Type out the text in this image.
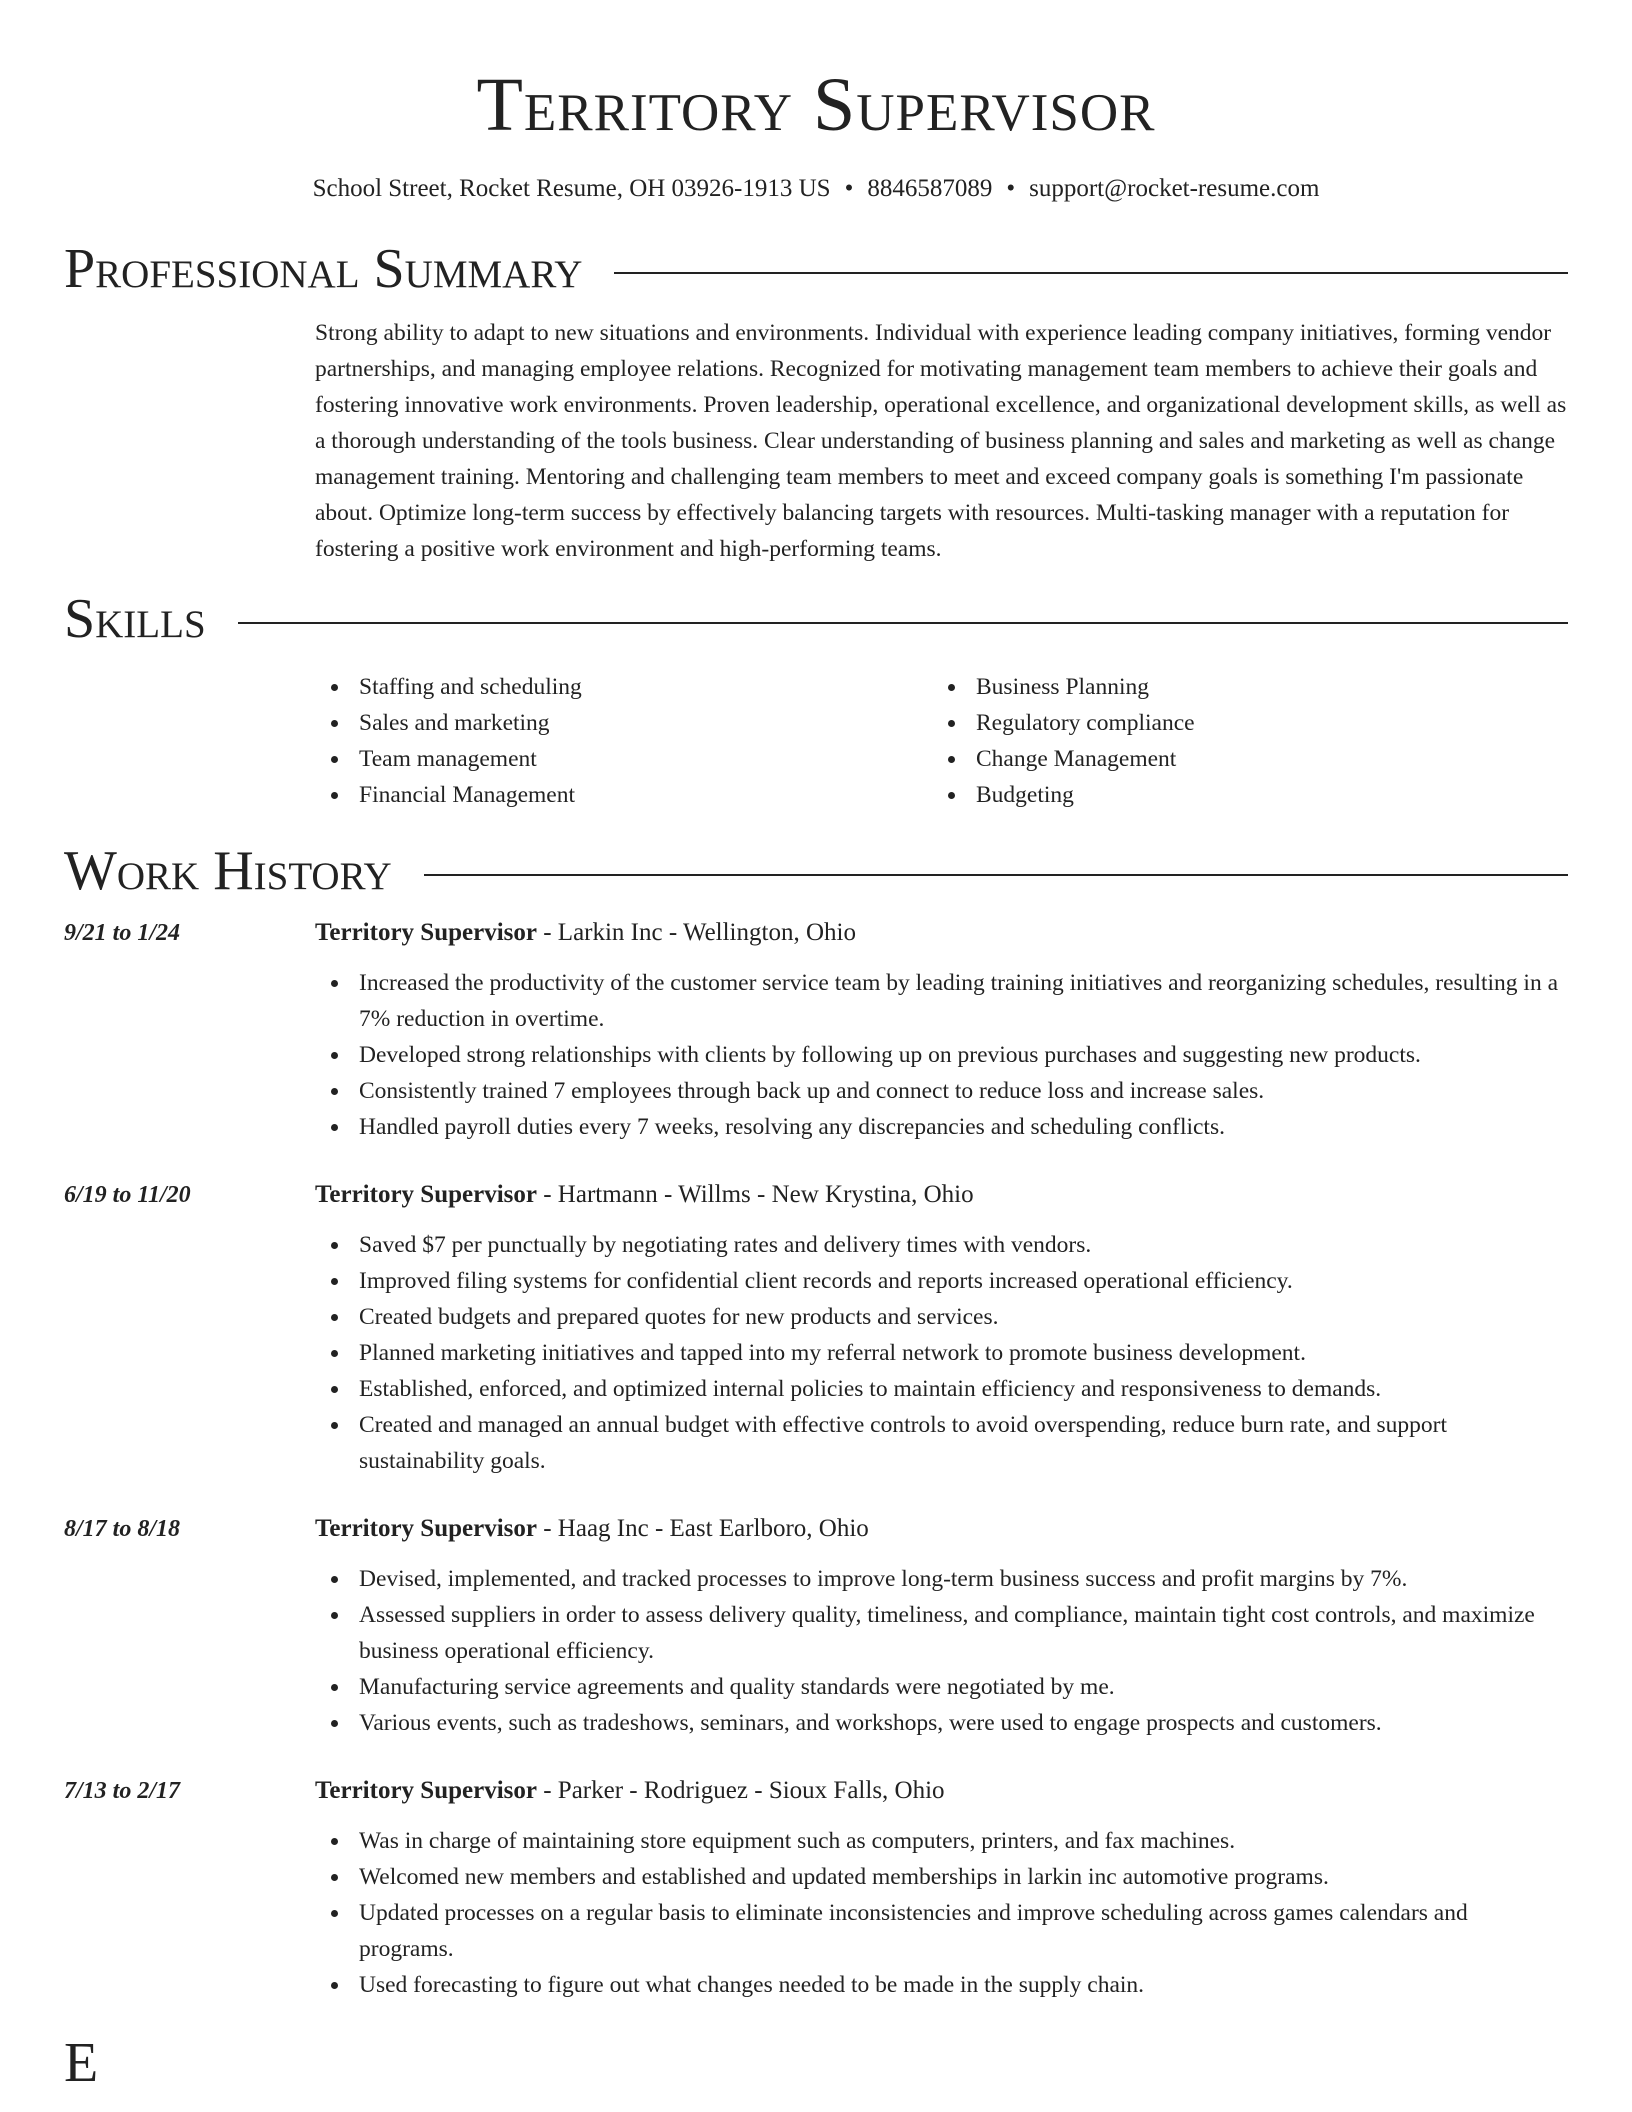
Territory Supervisor
School Street, Rocket Resume, OH 03926-1913 US • 8846587089 • support@rocket-resume.com
Professional Summary
Strong ability to adapt to new situations and environments. Individual with experience leading company initiatives, forming vendor partnerships, and managing employee relations. Recognized for motivating management team members to achieve their goals and fostering innovative work environments. Proven leadership, operational excellence, and organizational development skills, as well as a thorough understanding of the tools business. Clear understanding of business planning and sales and marketing as well as change management training. Mentoring and challenging team members to meet and exceed company goals is something I'm passionate about. Optimize long-term success by effectively balancing targets with resources. Multi-tasking manager with a reputation for fostering a positive work environment and high-performing teams.
Skills
Staffing and scheduling
Sales and marketing
Team management
Financial Management
Business Planning
Regulatory compliance
Change Management
Budgeting
Work History
9/21 to 1/24	Territory Supervisor - Larkin Inc - Wellington, Ohio
Increased the productivity of the customer service team by leading training initiatives and reorganizing schedules, resulting in a 7% reduction in overtime.
Developed strong relationships with clients by following up on previous purchases and suggesting new products.
Consistently trained 7 employees through back up and connect to reduce loss and increase sales.
Handled payroll duties every 7 weeks, resolving any discrepancies and scheduling conflicts.
6/19 to 11/20	Territory Supervisor - Hartmann - Willms - New Krystina, Ohio
Saved $7 per punctually by negotiating rates and delivery times with vendors.
Improved filing systems for confidential client records and reports increased operational efficiency.
Created budgets and prepared quotes for new products and services.
Planned marketing initiatives and tapped into my referral network to promote business development.
Established, enforced, and optimized internal policies to maintain efficiency and responsiveness to demands.
Created and managed an annual budget with effective controls to avoid overspending, reduce burn rate, and support sustainability goals.
8/17 to 8/18	Territory Supervisor - Haag Inc - East Earlboro, Ohio
Devised, implemented, and tracked processes to improve long-term business success and profit margins by 7%.
Assessed suppliers in order to assess delivery quality, timeliness, and compliance, maintain tight cost controls, and maximize business operational efficiency.
Manufacturing service agreements and quality standards were negotiated by me.
Various events, such as tradeshows, seminars, and workshops, were used to engage prospects and customers.
7/13 to 2/17	Territory Supervisor - Parker - Rodriguez - Sioux Falls, Ohio
Was in charge of maintaining store equipment such as computers, printers, and fax machines.
Welcomed new members and established and updated memberships in larkin inc automotive programs.
Updated processes on a regular basis to eliminate inconsistencies and improve scheduling across games calendars and programs.
Used forecasting to figure out what changes needed to be made in the supply chain.
E
